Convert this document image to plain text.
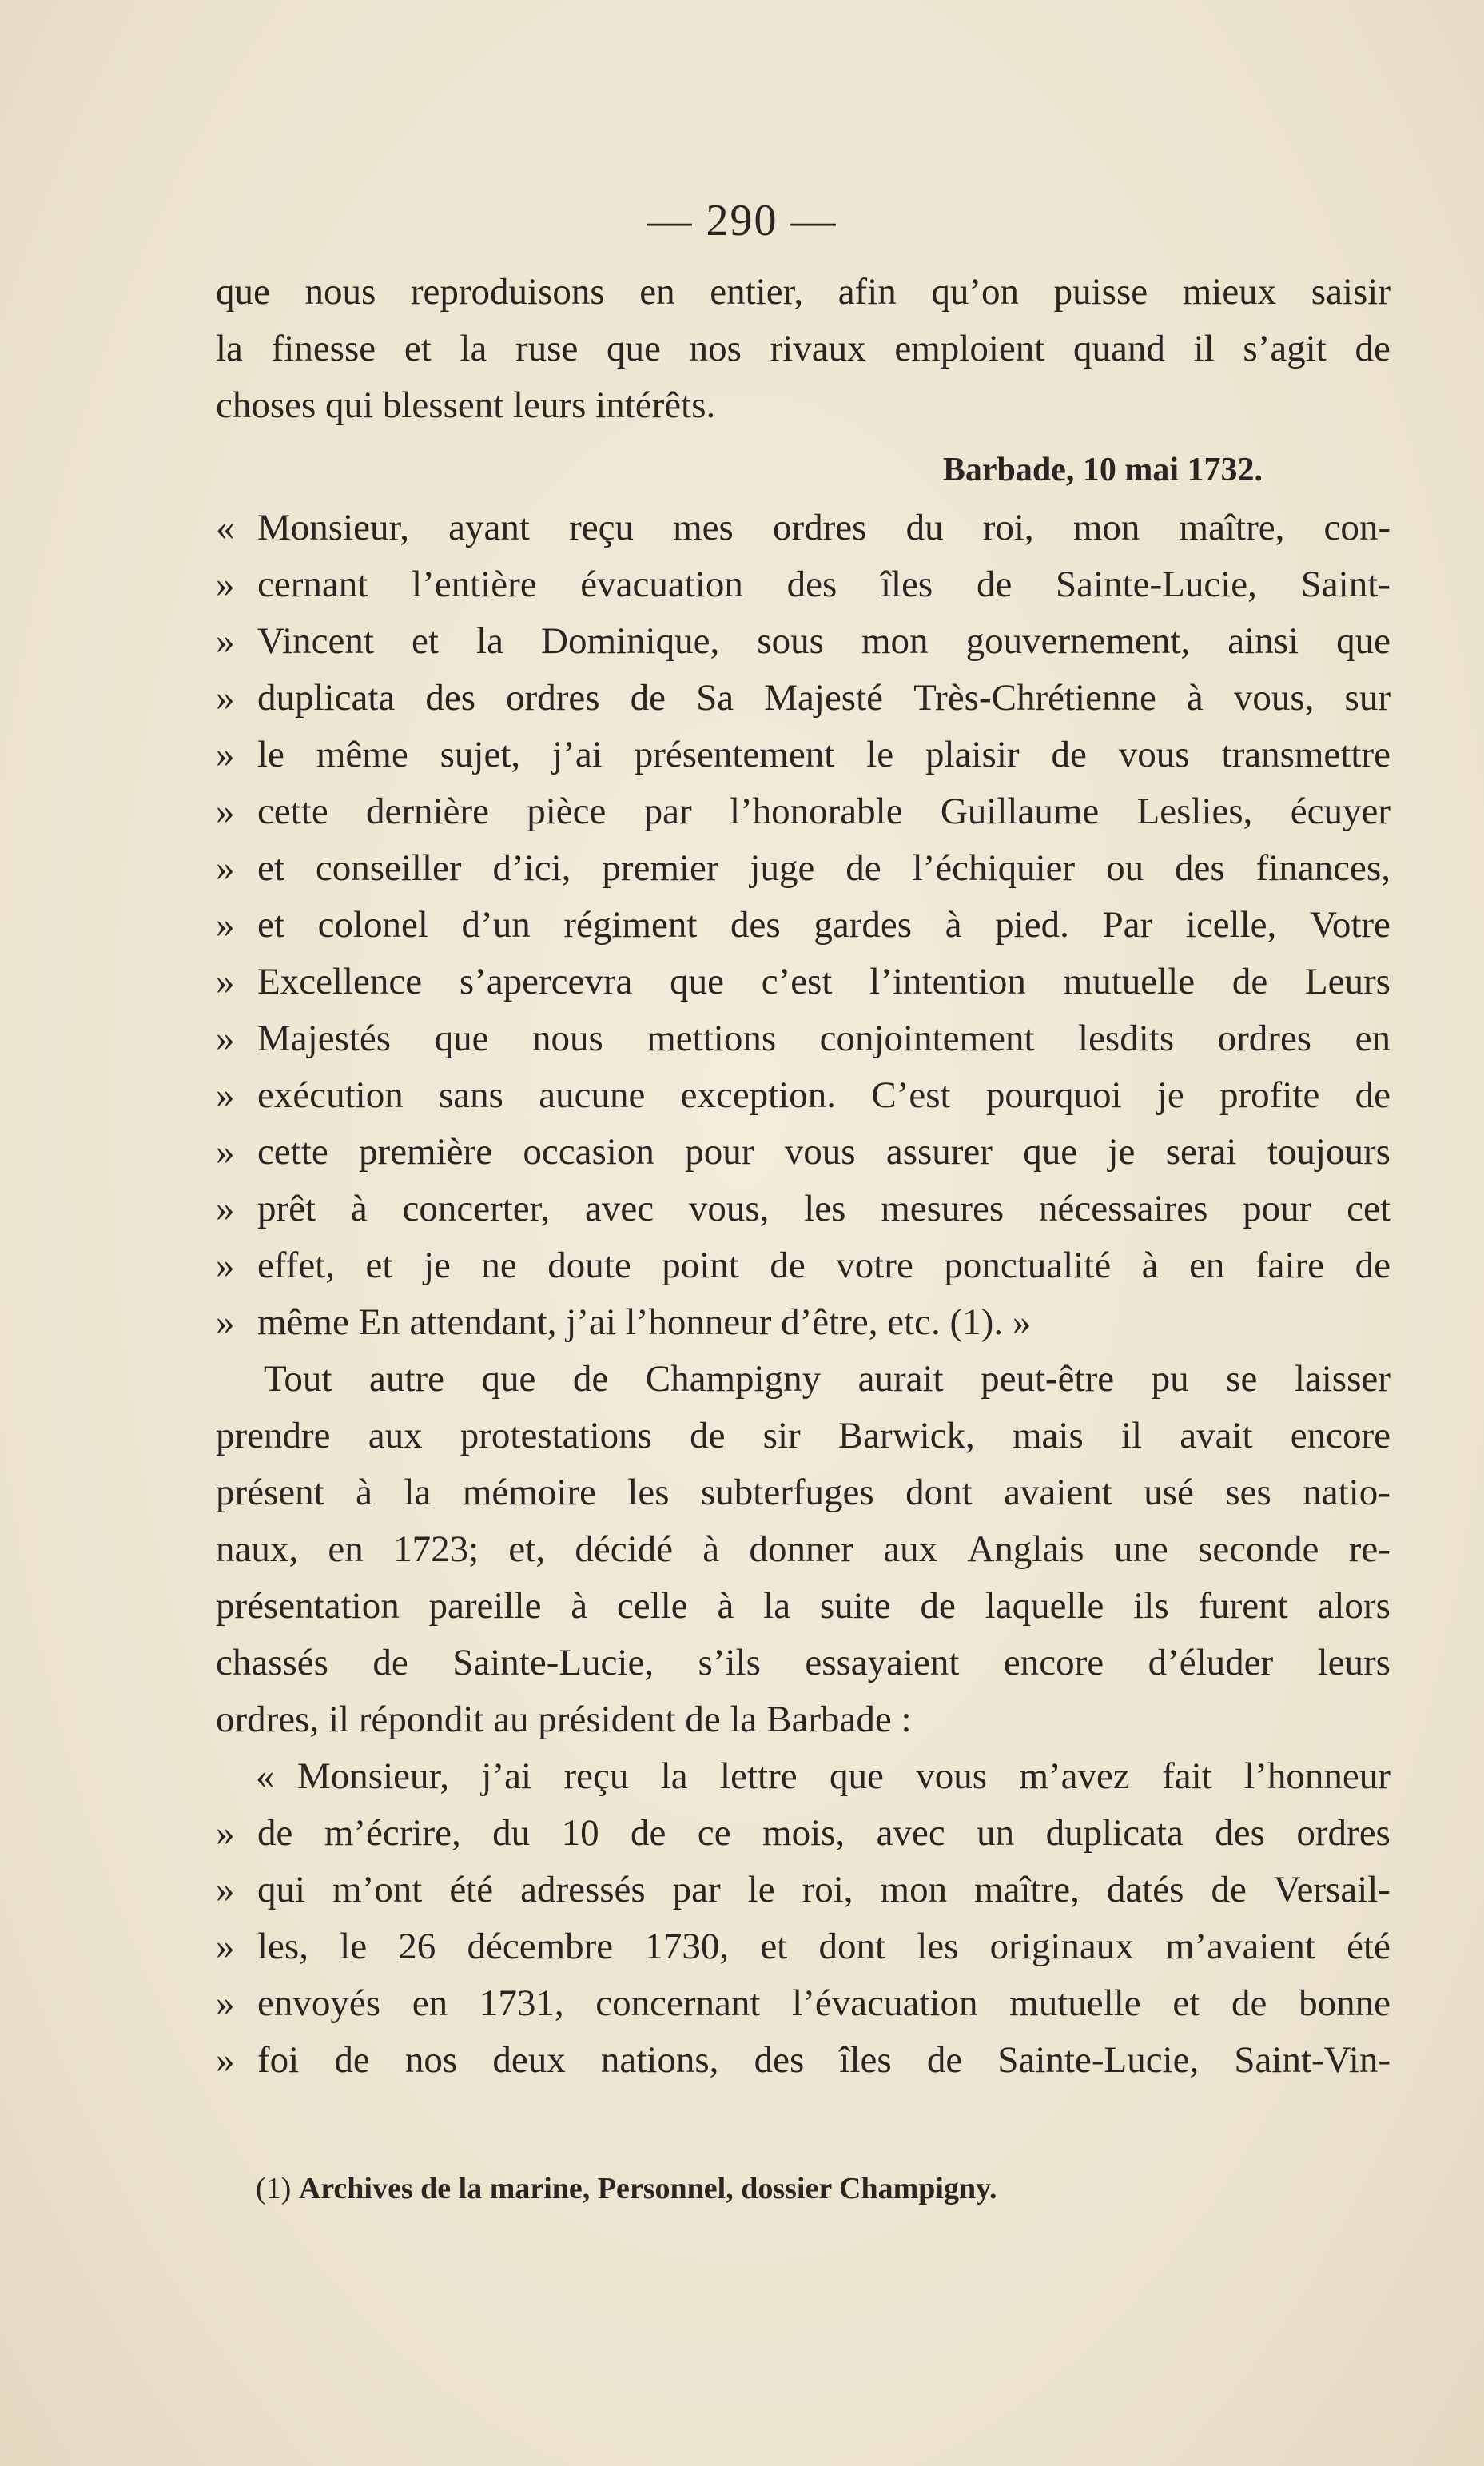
— 290 —
que nous reproduisons en entier, afin qu’on puisse mieux saisir
la finesse et la ruse que nos rivaux emploient quand il s’agit de
choses qui blessent leurs intérêts.
Barbade, 10 mai 1732.
« Monsieur, ayant reçu mes ordres du roi, mon maître, con-
» cernant l’entière évacuation des îles de Sainte-Lucie, Saint-
» Vincent et la Dominique, sous mon gouvernement, ainsi que
» duplicata des ordres de Sa Majesté Très-Chrétienne à vous, sur
» le même sujet, j’ai présentement le plaisir de vous transmettre
» cette dernière pièce par l’honorable Guillaume Leslies, écuyer
» et conseiller d’ici, premier juge de l’échiquier ou des finances,
» et colonel d’un régiment des gardes à pied. Par icelle, Votre
» Excellence s’apercevra que c’est l’intention mutuelle de Leurs
» Majestés que nous mettions conjointement lesdits ordres en
» exécution sans aucune exception. C’est pourquoi je profite de
» cette première occasion pour vous assurer que je serai toujours
» prêt à concerter, avec vous, les mesures nécessaires pour cet
» effet, et je ne doute point de votre ponctualité à en faire de
» même En attendant, j’ai l’honneur d’être, etc. (1). »
Tout autre que de Champigny aurait peut-être pu se laisser
prendre aux protestations de sir Barwick, mais il avait encore
présent à la mémoire les subterfuges dont avaient usé ses natio-
naux, en 1723; et, décidé à donner aux Anglais une seconde re-
présentation pareille à celle à la suite de laquelle ils furent alors
chassés de Sainte-Lucie, s’ils essayaient encore d’éluder leurs
ordres, il répondit au président de la Barbade :
« Monsieur, j’ai reçu la lettre que vous m’avez fait l’honneur
» de m’écrire, du 10 de ce mois, avec un duplicata des ordres
» qui m’ont été adressés par le roi, mon maître, datés de Versail-
» les, le 26 décembre 1730, et dont les originaux m’avaient été
» envoyés en 1731, concernant l’évacuation mutuelle et de bonne
» foi de nos deux nations, des îles de Sainte-Lucie, Saint-Vin-
(1) Archives de la marine, Personnel, dossier Champigny.
